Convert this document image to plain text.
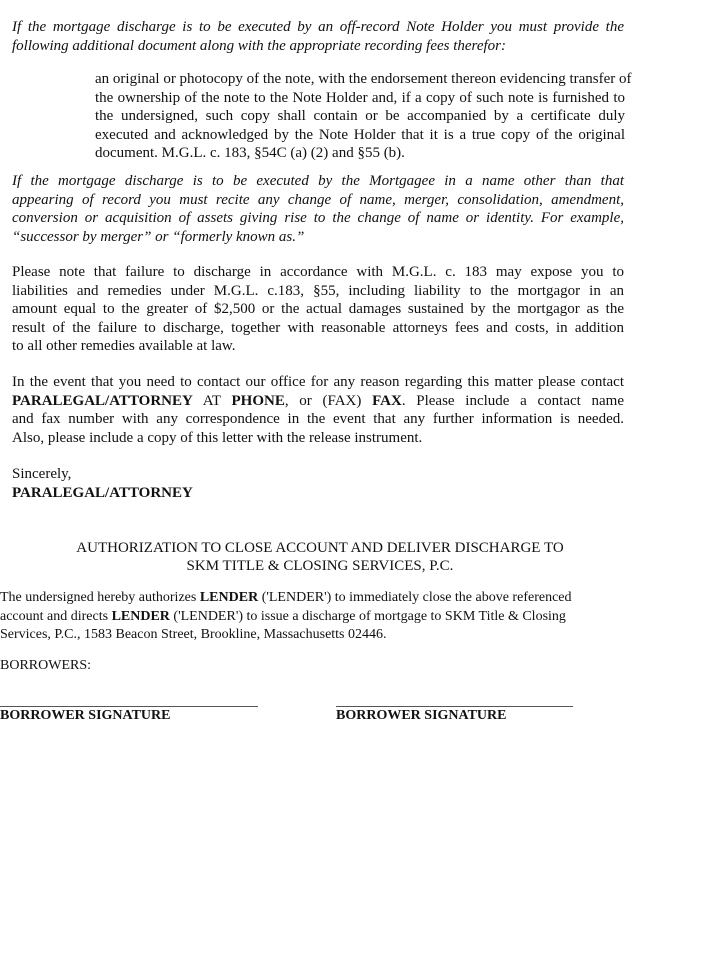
If the mortgage discharge is to be executed by an off-record Note Holder you must provide the
following additional document along with the appropriate recording fees therefor:
an original or photocopy of the note, with the endorsement thereon evidencing transfer of
the ownership of the note to the Note Holder and, if a copy of such note is furnished to
the undersigned, such copy shall contain or be accompanied by a certificate duly
executed and acknowledged by the Note Holder that it is a true copy of the original
document. M.G.L. c. 183, §54C (a) (2) and §55 (b).
If the mortgage discharge is to be executed by the Mortgagee in a name other than that
appearing of record you must recite any change of name, merger, consolidation, amendment,
conversion or acquisition of assets giving rise to the change of name or identity. For example,
“successor by merger” or “formerly known as.”
Please note that failure to discharge in accordance with M.G.L. c. 183 may expose you to
liabilities and remedies under M.G.L. c.183, §55, including liability to the mortgagor in an
amount equal to the greater of $2,500 or the actual damages sustained by the mortgagor as the
result of the failure to discharge, together with reasonable attorneys fees and costs, in addition
to all other remedies available at law.
In the event that you need to contact our office for any reason regarding this matter please contact
PARALEGAL/ATTORNEY AT PHONE, or (FAX) FAX. Please include a contact name
and fax number with any correspondence in the event that any further information is needed.
Also, please include a copy of this letter with the release instrument.
Sincerely,
PARALEGAL/ATTORNEY

AUTHORIZATION TO CLOSE ACCOUNT AND DELIVER DISCHARGE TO

SKM TITLE & CLOSING SERVICES, P.C.

The undersigned hereby authorizes LENDER ('LENDER') to immediately close the above referenced
account and directs LENDER ('LENDER') to issue a discharge of mortgage to SKM Title & Closing
Services, P.C., 1583 Beacon Street, Brookline, Massachusetts 02446.

BORROWERS:

BORROWER SIGNATURE	BORROWER SIGNATURE
